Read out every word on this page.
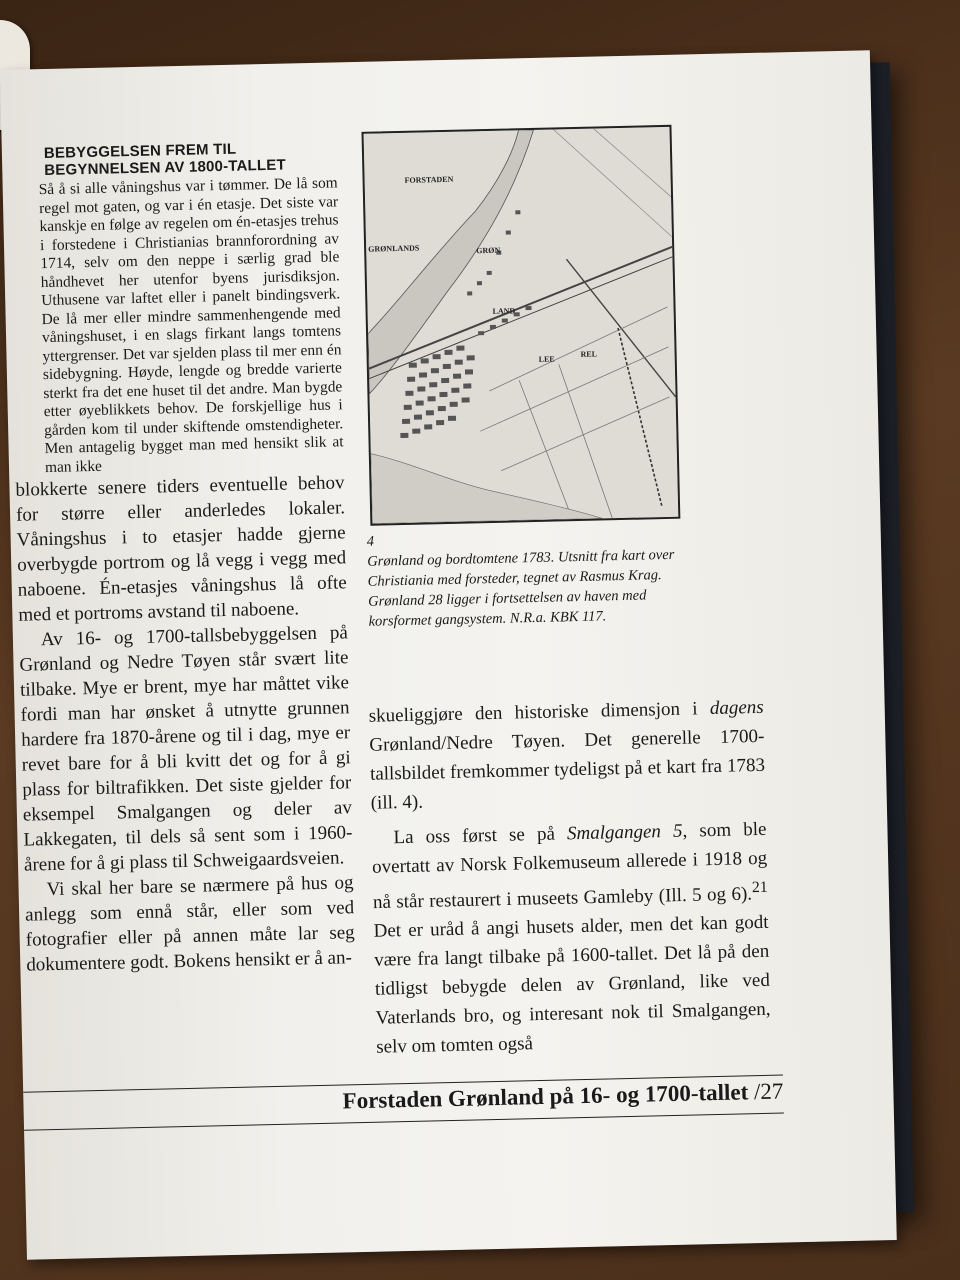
BEBYGGELSEN FREM TIL
BEGYNNELSEN AV 1800-TALLET

Så å si alle våningshus var i tømmer. De lå som regel mot gaten, og var i én etasje. Det siste var kanskje en følge av regelen om én-etasjes trehus i forstedene i Christianias brannforordning av 1714, selv om den neppe i særlig grad ble håndhevet her utenfor byens jurisdiksjon. Uthusene var laftet eller i panelt bindingsverk. De lå mer eller mindre sammenhengende med våningshuset, i en slags firkant langs tomtens yttergrenser. Det var sjelden plass til mer enn én sidebygning. Høyde, lengde og bredde varierte sterkt fra det ene huset til det andre. Man bygde etter øyeblikkets behov. De forskjellige hus i gården kom til under skiftende omstendigheter. Men antagelig bygget man med hensikt slik at man ikke

blokkerte senere tiders eventuelle behov for større eller anderledes lokaler. Våningshus i to etasjer hadde gjerne overbygde portrom og lå vegg i vegg med naboene. Én-etasjes våningshus lå ofte med et portroms avstand til naboene.

Av 16- og 1700-tallsbebyggelsen på Grønland og Nedre Tøyen står svært lite tilbake. Mye er brent, mye har måttet vike fordi man har ønsket å utnytte grunnen hardere fra 1870-årene og til i dag, mye er revet bare for å bli kvitt det og for å gi plass for biltrafikken. Det siste gjelder for eksempel Smalgangen og deler av Lakkegaten, til dels så sent som i 1960-årene for å gi plass til Schweigaardsveien.

Vi skal her bare se nærmere på hus og anlegg som ennå står, eller som ved fotografier eller på annen måte lar seg dokumentere godt. Bokens hensikt er å an-

FORSTADEN
GRØNLANDS	GRØN
LAND
LEE
REL
4
Grønland og bordtomtene 1783. Utsnitt fra kart over Christiania med forsteder, tegnet av Rasmus Krag. Grønland 28 ligger i fortsettelsen av haven med korsformet gangsystem. N.R.a. KBK 117.

skueliggjøre den historiske dimensjon i dagens Grønland/Nedre Tøyen. Det generelle 1700-tallsbildet fremkommer tydeligst på et kart fra 1783 (ill. 4).

La oss først se på Smalgangen 5, som ble overtatt av Norsk Folkemuseum allerede i 1918 og nå står restaurert i museets Gamleby (Ill. 5 og 6).$^{21}$ Det er uråd å angi husets alder, men det kan godt være fra langt tilbake på 1600-tallet. Det lå på den tidligst bebygde delen av Grønland, like ved Vaterlands bro, og interesant nok til Smalgangen, selv om tomten også

Forstaden Grønland på 16- og 1700-tallet /27
